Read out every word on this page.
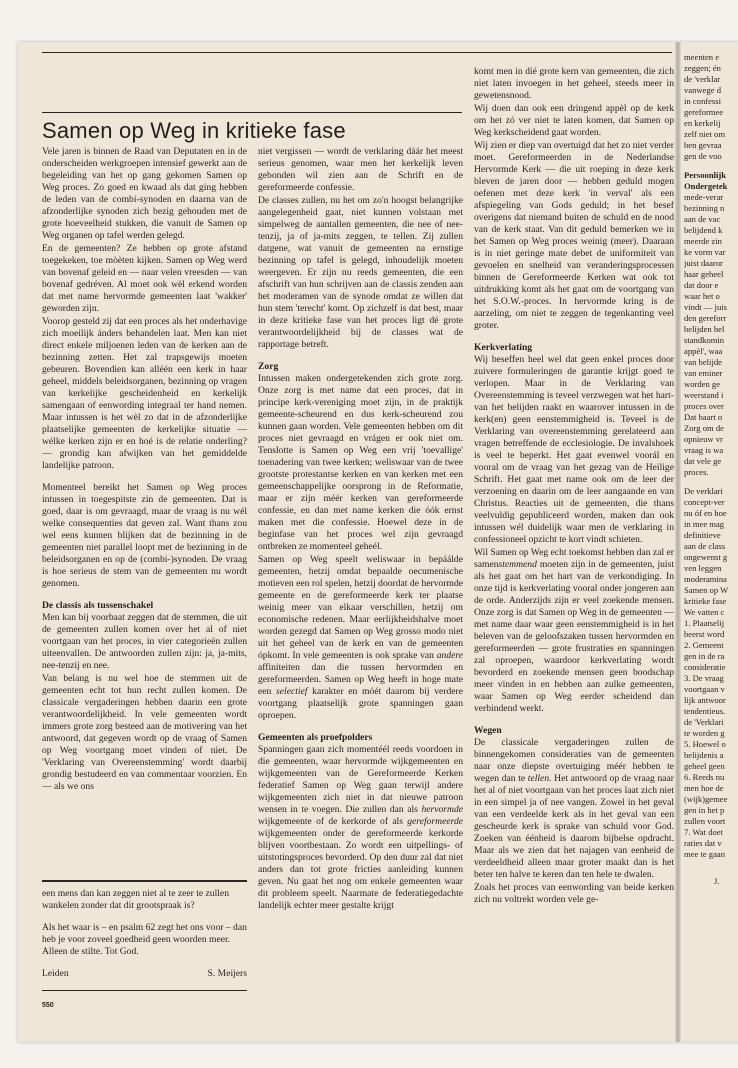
Samen op Weg in kritieke fase

Vele jaren is binnen de Raad van Deputaten en in de onderscheiden werkgroepen intensief gewerkt aan de begeleiding van het op gang gekomen Samen op Weg proces. Zo goed en kwaad als dat ging hebben de leden van de combi-synoden en daarna van de afzonderlijke synoden zich bezig gehouden met de grote hoeveelheid stukken, die vanuit de Samen op Weg organen op tafel werden gelegd.

En de gemeenten? Ze hebben op grote afstand toegekeken, toe mòèten kijken. Samen op Weg werd van bovenaf geleid en — naar velen vreesden — van bovenaf gedréven. Al moet ook wèl erkend worden dat met name hervormde gemeenten laat 'wakker' geworden zijn.

Voorop gesteld zij dat een proces als het onderhavige zich moeilijk ánders behandelen laat. Men kan niet direct enkele miljoenen leden van de kerken aan de bezinning zetten. Het zal trapsgewijs moeten gebeuren. Bovendien kan alléén een kerk in haar geheel, middels beleidsorganen, bezinning op vragen van kerkelijke gescheidenheid en kerkelijk samengaan of eenwording integraal ter hand nemen. Maar intussen is het wèl zo dat in de afzonderlijke plaatselijke gemeenten de kerkelijke situatie — wélke kerken zijn er en hoé is de relatie onderling? — grondig kan afwijken van het gemiddelde landelijke patroon.

Momenteel bereikt het Samen op Weg proces intussen in toegespitste zin de gemeenten. Dat is goed, daar is om gevraagd, maar de vraag is nu wél welke consequenties dat geven zal. Want thans zou wel eens kunnen blijken dat de bezinning in de gemeenten niet parallel loopt met de bezinning in de beleidsorganen en op de (combi-)synoden. De vraag is hoe serieus de stem van de gemeenten nu wordt genomen.

De classis als tussenschakel

Men kan bij voorbaat zeggen dat de stemmen, die uit de gemeenten zullen komen over het al of niet voortgaan van het proces, in vier categorieën zullen uiteenvallen. De antwoorden zullen zijn: ja, ja-mits, nee-tenzij en nee.

Van belang is nu wel hoe de stemmen uit de gemeenten echt tot hun recht zullen komen. De classicale vergaderingen hebben daarin een grote verantwoordelijkheid. In vele gemeenten wordt immers grote zorg besteed aan de motivering van het antwoord, dat gegeven wordt op de vraag of Samen op Weg voortgang moet vinden of niet. De 'Verklaring van Overeenstemming' wordt daarbij grondig bestudeerd en van commentaar voorzien. En — als we ons

niet vergissen — wordt de verklaring dáár het meest serieus genomen, waar men het kerkelijk leven gebonden wil zien aan de Schrift en de gereformeerde confessie.

De classes zullen, nu het om zo'n hoogst belangrijke aangelegenheid gaat, niet kunnen volstaan met simpelweg de aantallen gemeenten, die nee of nee-tenzij, ja of ja-mits zeggen, te tellen. Zij zullen datgene, wat vanuit de gemeenten na ernstige bezinning op tafel is gelegd, inhoudelijk moeten weergeven. Er zijn nu reeds gemeenten, die een afschrift van hun schrijven aan de classis zenden aan het moderamen van de synode omdat ze willen dat hun stem 'terecht' komt. Op zichzelf is dat best, maar in deze kritieke fase van het proces ligt dé grote verantwoordelijkheid bij de classes wat de rapportage betreft.

Zorg

Intussen maken ondergetekenden zich grote zorg. Onze zorg is met name dat een proces, dat in principe kerk-vereniging moet zijn, in de praktijk gemeente-scheurend en dus kerk-scheurend zou kunnen gaan worden. Vele gemeenten hebben om dit proces niet gevraagd en vrágen er ook niet om. Tenslotte is Samen op Weg een vrij 'toevallige' toenadering van twee kerken; weliswaar van de twee grootste protestantse kerken en van kerken met een gemeenschappelijke oorsprong in de Reformatie, maar er zijn méér kerken van gereformeerde confessie, en dan met name kerken die óók ernst maken met die confessie. Hoewel deze in de beginfase van het proces wel zijn gevraagd ontbreken ze momenteel geheél.

Samen op Weg speelt weliswaar in bepáálde gemeenten, hetzij omdat bepaalde oecumenische motieven een rol spelen, hetzij doordat de hervormde gemeente en de gereformeerde kerk ter plaatse weinig meer van elkaar verschillen, hetzij om economische redenen. Maar eerlijkheidshalve moet worden gezegd dat Samen op Weg grosso modo niet uit het geheel van de kerk en van de gemeenten ópkomt. In vele gemeenten is ook sprake van andere affiniteiten dan die tussen hervormden en gereformeerden. Samen op Weg heeft in hoge mate een selectief karakter en móét daarom bij verdere voortgang plaatselijk grote spanningen gaan oproepen.

Gemeenten als proefpolders

Spanningen gaan zich momentéél reeds voordoen in die gemeenten, waar hervormde wijkgemeenten en wijkgemeenten van de Gereformeerde Kerken federatief Samen op Weg gaan terwijl andere wijkgemeenten zich niet in dat nieuwe patroon wensen in te voegen. Die zullen dan als hervormde wijkgemeente of de kerkorde of als gereformeerde wijkgemeenten onder de gereformeerde kerkorde blijven voortbestaan. Zo wordt een uitpellings- of uitstotingsproces bevorderd. Op den duur zal dat niet anders dan tot grote fricties aanleiding kunnen geven. Nu gaat het nog om enkele gemeenten waar dit probleem speelt. Naarmate de federatiegedachte landelijk echter meer gestalte krijgt

komt men in díé grote kern van gemeenten, die zich niet laten invoegen in het geheel, steeds meer in gewetensnood.

Wij doen dan ook een dringend appèl op de kerk om het zó ver niet te laten komen, dat Samen op Weg kerkscheidend gaat worden.

Wij zien er diep van overtuigd dat het zo niet verder moet. Gereformeerden in de Nederlandse Hervormde Kerk — die uit roeping in deze kerk bleven de jaren door — hebben geduld mogen oefenen met deze kerk 'in verval' als een afspiegeling van Gods geduld; in het besef overigens dat niemand buiten de schuld en de nood van de kerk staat. Van dit geduld bemerken we in het Samen op Weg proces weinig (meer). Daaraan is in niet geringe mate debet de uniformiteit van gevoelen en snelheid van veranderingsprocessen binnen de Gereformeerde Kerken wat ook tot uitdrukking komt als het gaat om de voortgang van het S.O.W.-proces. In hervormde kring is de aarzeling, om niet te zeggen de tegenkanting veel groter.

Kerkverlating

Wij beseffen heel wel dat geen enkel proces door zuivere formuleringen de garantie krijgt goed te verlopen. Maar in de Verklaring van Overeenstemming is teveel verzwegen wat het hart-van het belijden raakt en waarover intussen in de kerk(en) geen eenstemmigheid is. Teveel is de Verklaring van overeenstemming gerelateerd aan vragen betreffende de ecclesiologie. De invalshoek is veel te beperkt. Het gaat evenwel voorál en vooral om de vraag van het gezag van de Heilige Schrift. Het gaat met name ook om de leer der verzoening en daarin om de leer aangaande en van Christus. Reacties uit de gemeenten, die thans veelvuldig gepubliceerd worden, maken dan ook intussen wél duidelijk waar men de verklaring in confessioneel opzicht te kort vindt schieten.

Wil Samen op Weg echt toekomst hebben dan zal er samenstemmend moeten zijn in de gemeenten, juist als het gaat om het hart van de verkondiging. In onze tijd is kerkverlating vooral onder jongeren aan de orde. Anderzijds zijn er veel zoekende mensen. Onze zorg is dat Samen op Weg in de gemeenten — met name daar waar geen eenstemmigheid is in het beleven van de geloofszaken tussen hervormden en gereformeerden — grote frustraties en spanningen zal oproepen, waardoor kerkverlating wordt bevorderd en zoekende mensen geen boodschap meer vinden in en hebben aan zulke gemeenten, waar Samen op Weg eerder scheidend dan verbindend werkt.

Wegen

De classicale vergaderingen zullen de binnengekomen consideraties van de gemeenten naar onze diepste overtuiging méér hebben te wegen dan te tellen. Het antwoord op de vraag naar het al of niet voortgaan van het proces laat zich niet in een simpel ja of nee vangen. Zowel in het geval van een verdeelde kerk als in het geval van een gescheurde kerk is sprake van schuld voor God. Zoeken van éénheid is daarom bijbelse opdracht. Maar als we zien dat het najagen van eenheid de verdeeldheid alleen maar groter maakt dan is het beter ten halve te keren dan ten hele te dwalen.

Zoals het proces van eenwording van beide kerken zich nu voltrekt worden vele ge-

meenten e

zeggen; én

de 'verklar

vanwege d

in confessi

gereformee

en kerkelij

zelf niet om

ben gevraa

gen de voo

Persoonlijk

Ondergetek

mede-verar

bezinning n

aan de vac

belijdend k

meerde zin

ke vorm var

juist daaror

haar geheel

dat door e

waar het o

vindt — juis

den gereforr

belijden hel

standkomin

appèl', waa

van belijde

van eminer

worden ge

weerstand i

proces over

Dat baart o

Zorg om de

opnieuw vr

vraag is wa

dat vele ge

proces.

De verklari

concept-ver

nu óf en hoe

in mee mag

definitieve

aan de class

ongewenst g

ven leggen

moderamina

Samen op W

kritieke fase

We vatten c

1. Plaatselij

beerst word

2. Gemeent

gen in de ra

consideratie

3. De vraag

voortgaan v

lijk antwoor

tendentieus.

de 'Verklari

te worden g

5. Hoewel o

belijdenis a

geheel geen

6. Reeds nu

men hoe de

(wijk)gemee

gen in het p

zullen voort

7. Wat doet

raties dat v

mee te gaan

J.

een mens dan kan zeggen niet al te zeer te zullen wankelen zonder dat dit grootspraak is?

Als het waar is – en psalm 62 zegt het ons voor – dan heb je voor zoveel goedheid geen woorden meer. Alleen de stilte. Tot God.

Leiden	S. Meijers
550
